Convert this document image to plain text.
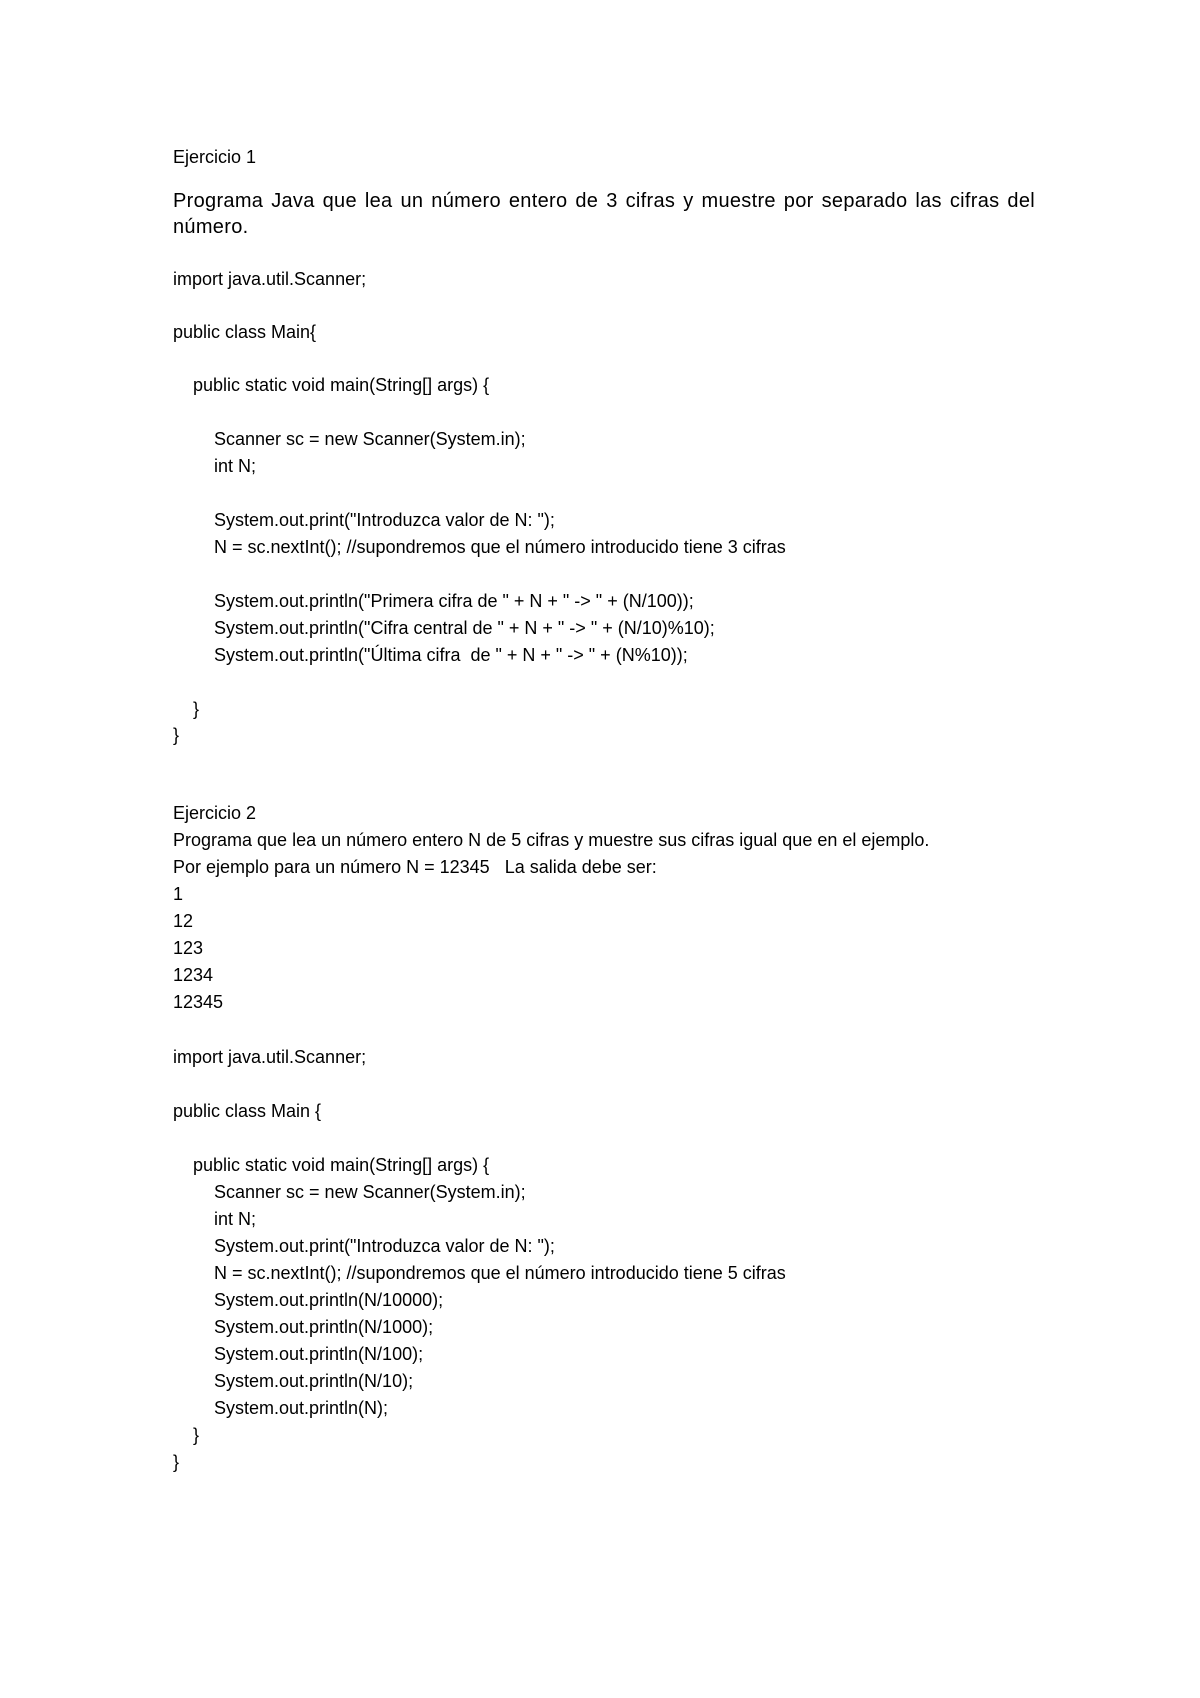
Ejercicio 1
Programa Java que lea un número entero de 3 cifras y muestre por separado las cifras del número.
import java.util.Scanner;
public class Main{
public static void main(String[] args) {
Scanner sc = new Scanner(System.in);
int N;
System.out.print("Introduzca valor de N: ");
N = sc.nextInt(); //supondremos que el número introducido tiene 3 cifras
System.out.println("Primera cifra de " + N + " -> " + (N/100));
System.out.println("Cifra central de " + N + " -> " + (N/10)%10);
System.out.println("Última cifra  de " + N + " -> " + (N%10));
}
}
Ejercicio 2
Programa que lea un número entero N de 5 cifras y muestre sus cifras igual que en el ejemplo.
Por ejemplo para un número N = 12345   La salida debe ser:
1
12
123
1234
12345
import java.util.Scanner;
public class Main {
public static void main(String[] args) {
Scanner sc = new Scanner(System.in);
int N;
System.out.print("Introduzca valor de N: ");
N = sc.nextInt(); //supondremos que el número introducido tiene 5 cifras
System.out.println(N/10000);
System.out.println(N/1000);
System.out.println(N/100);
System.out.println(N/10);
System.out.println(N);
}
}
